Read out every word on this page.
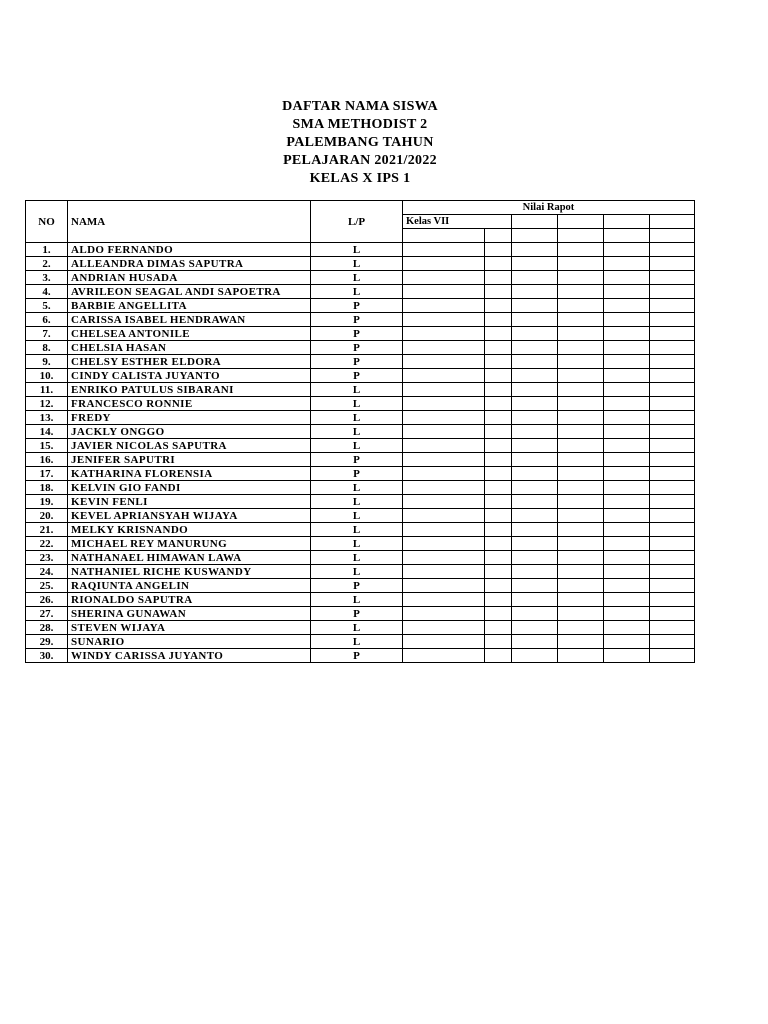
DAFTAR NAMA SISWA
SMA METHODIST 2
PALEMBANG TAHUN
PELAJARAN 2021/2022
KELAS X IPS 1
NO	NAMA	L/P	Nilai Rapot					
			Kelas VII					

1.	ALDO FERNANDO	L						
2.	ALLEANDRA DIMAS SAPUTRA	L						
3.	ANDRIAN HUSADA	L						
4.	AVRILEON SEAGAL ANDI SAPOETRA	L						
5.	BARBIE ANGELLITA	P						
6.	CARISSA ISABEL HENDRAWAN	P						
7.	CHELSEA ANTONILE	P						
8.	CHELSIA HASAN	P						
9.	CHELSY ESTHER ELDORA	P						
10.	CINDY CALISTA JUYANTO	P						
11.	ENRIKO PATULUS SIBARANI	L						
12.	FRANCESCO RONNIE	L						
13.	FREDY	L						
14.	JACKLY ONGGO	L						
15.	JAVIER NICOLAS SAPUTRA	L						
16.	JENIFER SAPUTRI	P						
17.	KATHARINA FLORENSIA	P						
18.	KELVIN GIO FANDI	L						
19.	KEVIN FENLI	L						
20.	KEVEL APRIANSYAH WIJAYA	L						
21.	MELKY KRISNANDO	L						
22.	MICHAEL REY MANURUNG	L						
23.	NATHANAEL HIMAWAN LAWA	L						
24.	NATHANIEL RICHE KUSWANDY	L						
25.	RAQIUNTA ANGELIN	P						
26.	RIONALDO SAPUTRA	L						
27.	SHERINA GUNAWAN	P						
28.	STEVEN WIJAYA	L						
29.	SUNARIO	L						
30.	WINDY CARISSA JUYANTO	P						
